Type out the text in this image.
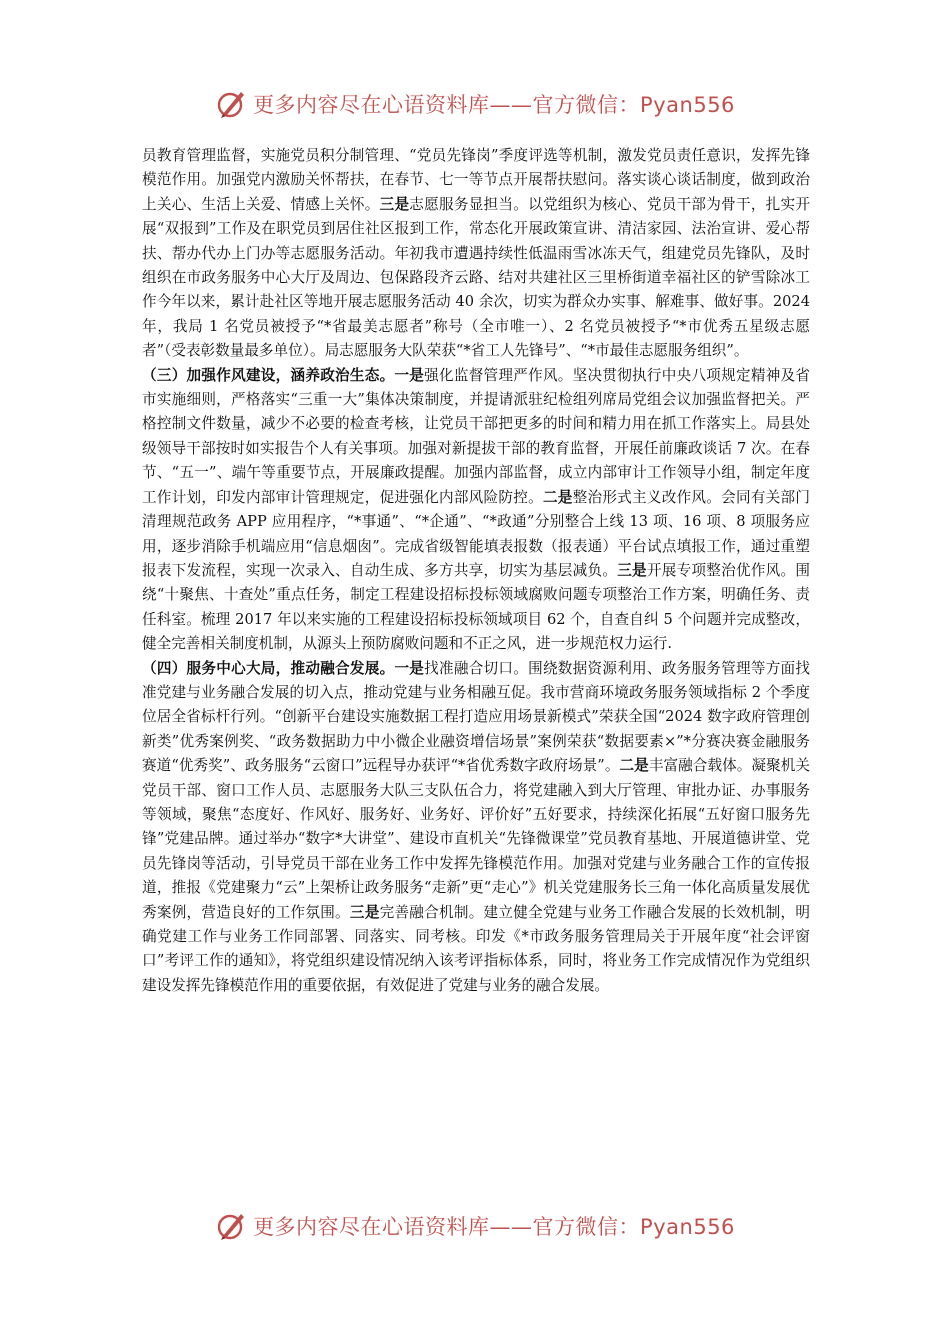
更多内容尽在心语资料库——官方微信：Pyan556

员教育管理监督，实施党员积分制管理、“党员先锋岗”季度评选等机制，激发党员责任意识，发挥先锋模范作用。加强党内激励关怀帮扶，在春节、七一等节点开展帮扶慰问。落实谈心谈话制度，做到政治上关心、生活上关爱、情感上关怀。三是志愿服务显担当。以党组织为核心、党员干部为骨干，扎实开展“双报到”工作及在职党员到居住社区报到工作，常态化开展政策宣讲、清洁家园、法治宣讲、爱心帮扶、帮办代办上门办等志愿服务活动。年初我市遭遇持续性低温雨雪冰冻天气，组建党员先锋队，及时组织在市政务服务中心大厅及周边、包保路段齐云路、结对共建社区三里桥街道幸福社区的铲雪除冰工作今年以来，累计赴社区等地开展志愿服务活动 40 余次，切实为群众办实事、解难事、做好事。2024 年，我局 1 名党员被授予“*省最美志愿者”称号（全市唯一）、2 名党员被授予“*市优秀五星级志愿者”（受表彰数量最多单位）。局志愿服务大队荣获“*省工人先锋号”、“*市最佳志愿服务组织”。

（三）加强作风建设，涵养政治生态。一是强化监督管理严作风。坚决贯彻执行中央八项规定精神及省市实施细则，严格落实“三重一大”集体决策制度，并提请派驻纪检组列席局党组会议加强监督把关。严格控制文件数量，减少不必要的检查考核，让党员干部把更多的时间和精力用在抓工作落实上。局县处级领导干部按时如实报告个人有关事项。加强对新提拔干部的教育监督，开展任前廉政谈话 7 次。在春节、“五一”、端午等重要节点，开展廉政提醒。加强内部监督，成立内部审计工作领导小组，制定年度工作计划，印发内部审计管理规定，促进强化内部风险防控。二是整治形式主义改作风。会同有关部门清理规范政务 APP 应用程序，“*事通”、“*企通”、“*政通”分别整合上线 13 项、16 项、8 项服务应用，逐步消除手机端应用“信息烟囱”。完成省级智能填表报数（报表通）平台试点填报工作，通过重塑报表下发流程，实现一次录入、自动生成、多方共享，切实为基层减负。三是开展专项整治优作风。围绕“十聚焦、十查处”重点任务，制定工程建设招标投标领域腐败问题专项整治工作方案，明确任务、责任科室。梳理 2017 年以来实施的工程建设招标投标领域项目 62 个，自查自纠 5 个问题并完成整改，健全完善相关制度机制，从源头上预防腐败问题和不正之风，进一步规范权力运行.

（四）服务中心大局，推动融合发展。一是找准融合切口。围绕数据资源利用、政务服务管理等方面找准党建与业务融合发展的切入点，推动党建与业务相融互促。我市营商环境政务服务领域指标 2 个季度位居全省标杆行列。“创新平台建设实施数据工程打造应用场景新模式”荣获全国“2024 数字政府管理创新类”优秀案例奖、“政务数据助力中小微企业融资增信场景”案例荣获“数据要素×”*分赛决赛金融服务赛道“优秀奖”、政务服务“云窗口”远程导办获评“*省优秀数字政府场景”。二是丰富融合载体。凝聚机关党员干部、窗口工作人员、志愿服务大队三支队伍合力，将党建融入到大厅管理、审批办证、办事服务等领域，聚焦“态度好、作风好、服务好、业务好、评价好”五好要求，持续深化拓展“五好窗口服务先锋”党建品牌。通过举办“数字*大讲堂”、建设市直机关“先锋微课堂”党员教育基地、开展道德讲堂、党员先锋岗等活动，引导党员干部在业务工作中发挥先锋模范作用。加强对党建与业务融合工作的宣传报道，推报《党建聚力“云”上架桥让政务服务“走新”更“走心”》机关党建服务长三角一体化高质量发展优秀案例，营造良好的工作氛围。三是完善融合机制。建立健全党建与业务工作融合发展的长效机制，明确党建工作与业务工作同部署、同落实、同考核。印发《*市政务服务管理局关于开展年度“社会评窗口”考评工作的通知》，将党组织建设情况纳入该考评指标体系，同时，将业务工作完成情况作为党组织建设发挥先锋模范作用的重要依据，有效促进了党建与业务的融合发展。

更多内容尽在心语资料库——官方微信：Pyan556
